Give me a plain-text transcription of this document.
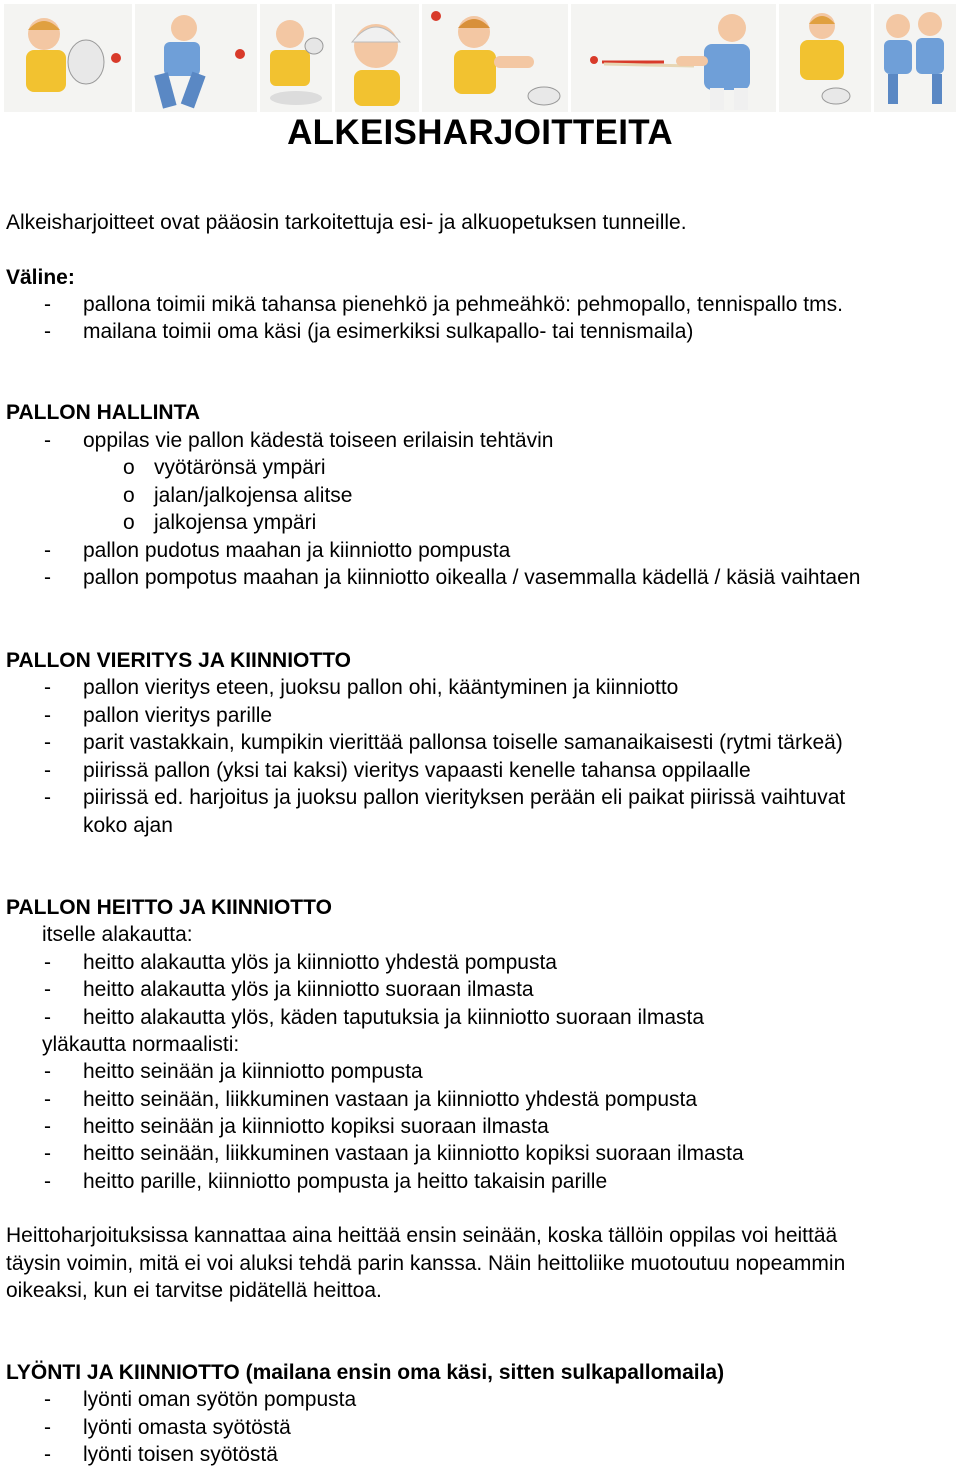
ALKEISHARJOITTEITA
Alkeisharjoitteet ovat pääosin tarkoitettuja esi- ja alkuopetuksen tunneille.
Väline:
- pallona toimii mikä tahansa pienehkö ja pehmeähkö: pehmopallo, tennispallo tms.
- mailana toimii oma käsi (ja esimerkiksi sulkapallo- tai tennismaila)
PALLON HALLINTA
- oppilas vie pallon kädestä toiseen erilaisin tehtävin
o vyötärönsä ympäri
o jalan/jalkojensa alitse
o jalkojensa ympäri
- pallon pudotus maahan ja kiinniotto pompusta
- pallon pompotus maahan ja kiinniotto oikealla / vasemmalla kädellä / käsiä vaihtaen
PALLON VIERITYS JA KIINNIOTTO
- pallon vieritys eteen, juoksu pallon ohi, kääntyminen ja kiinniotto
- pallon vieritys parille
- parit vastakkain, kumpikin vierittää pallonsa toiselle samanaikaisesti (rytmi tärkeä)
- piirissä pallon (yksi tai kaksi) vieritys vapaasti kenelle tahansa oppilaalle
- piirissä ed. harjoitus ja juoksu pallon vierityksen perään eli paikat piirissä vaihtuvat
koko ajan
PALLON HEITTO JA KIINNIOTTO
itselle alakautta:
- heitto alakautta ylös ja kiinniotto yhdestä pompusta
- heitto alakautta ylös ja kiinniotto suoraan ilmasta
- heitto alakautta ylös, käden taputuksia ja kiinniotto suoraan ilmasta
yläkautta normaalisti:
- heitto seinään ja kiinniotto pompusta
- heitto seinään, liikkuminen vastaan ja kiinniotto yhdestä pompusta
- heitto seinään ja kiinniotto kopiksi suoraan ilmasta
- heitto seinään, liikkuminen vastaan ja kiinniotto kopiksi suoraan ilmasta
- heitto parille, kiinniotto pompusta ja heitto takaisin parille
Heittoharjoituksissa kannattaa aina heittää ensin seinään, koska tällöin oppilas voi heittää
täysin voimin, mitä ei voi aluksi tehdä parin kanssa. Näin heittoliike muotoutuu nopeammin
oikeaksi, kun ei tarvitse pidätellä heittoa.
LYÖNTI JA KIINNIOTTO (mailana ensin oma käsi, sitten sulkapallomaila)
- lyönti oman syötön pompusta
- lyönti omasta syötöstä
- lyönti toisen syötöstä
